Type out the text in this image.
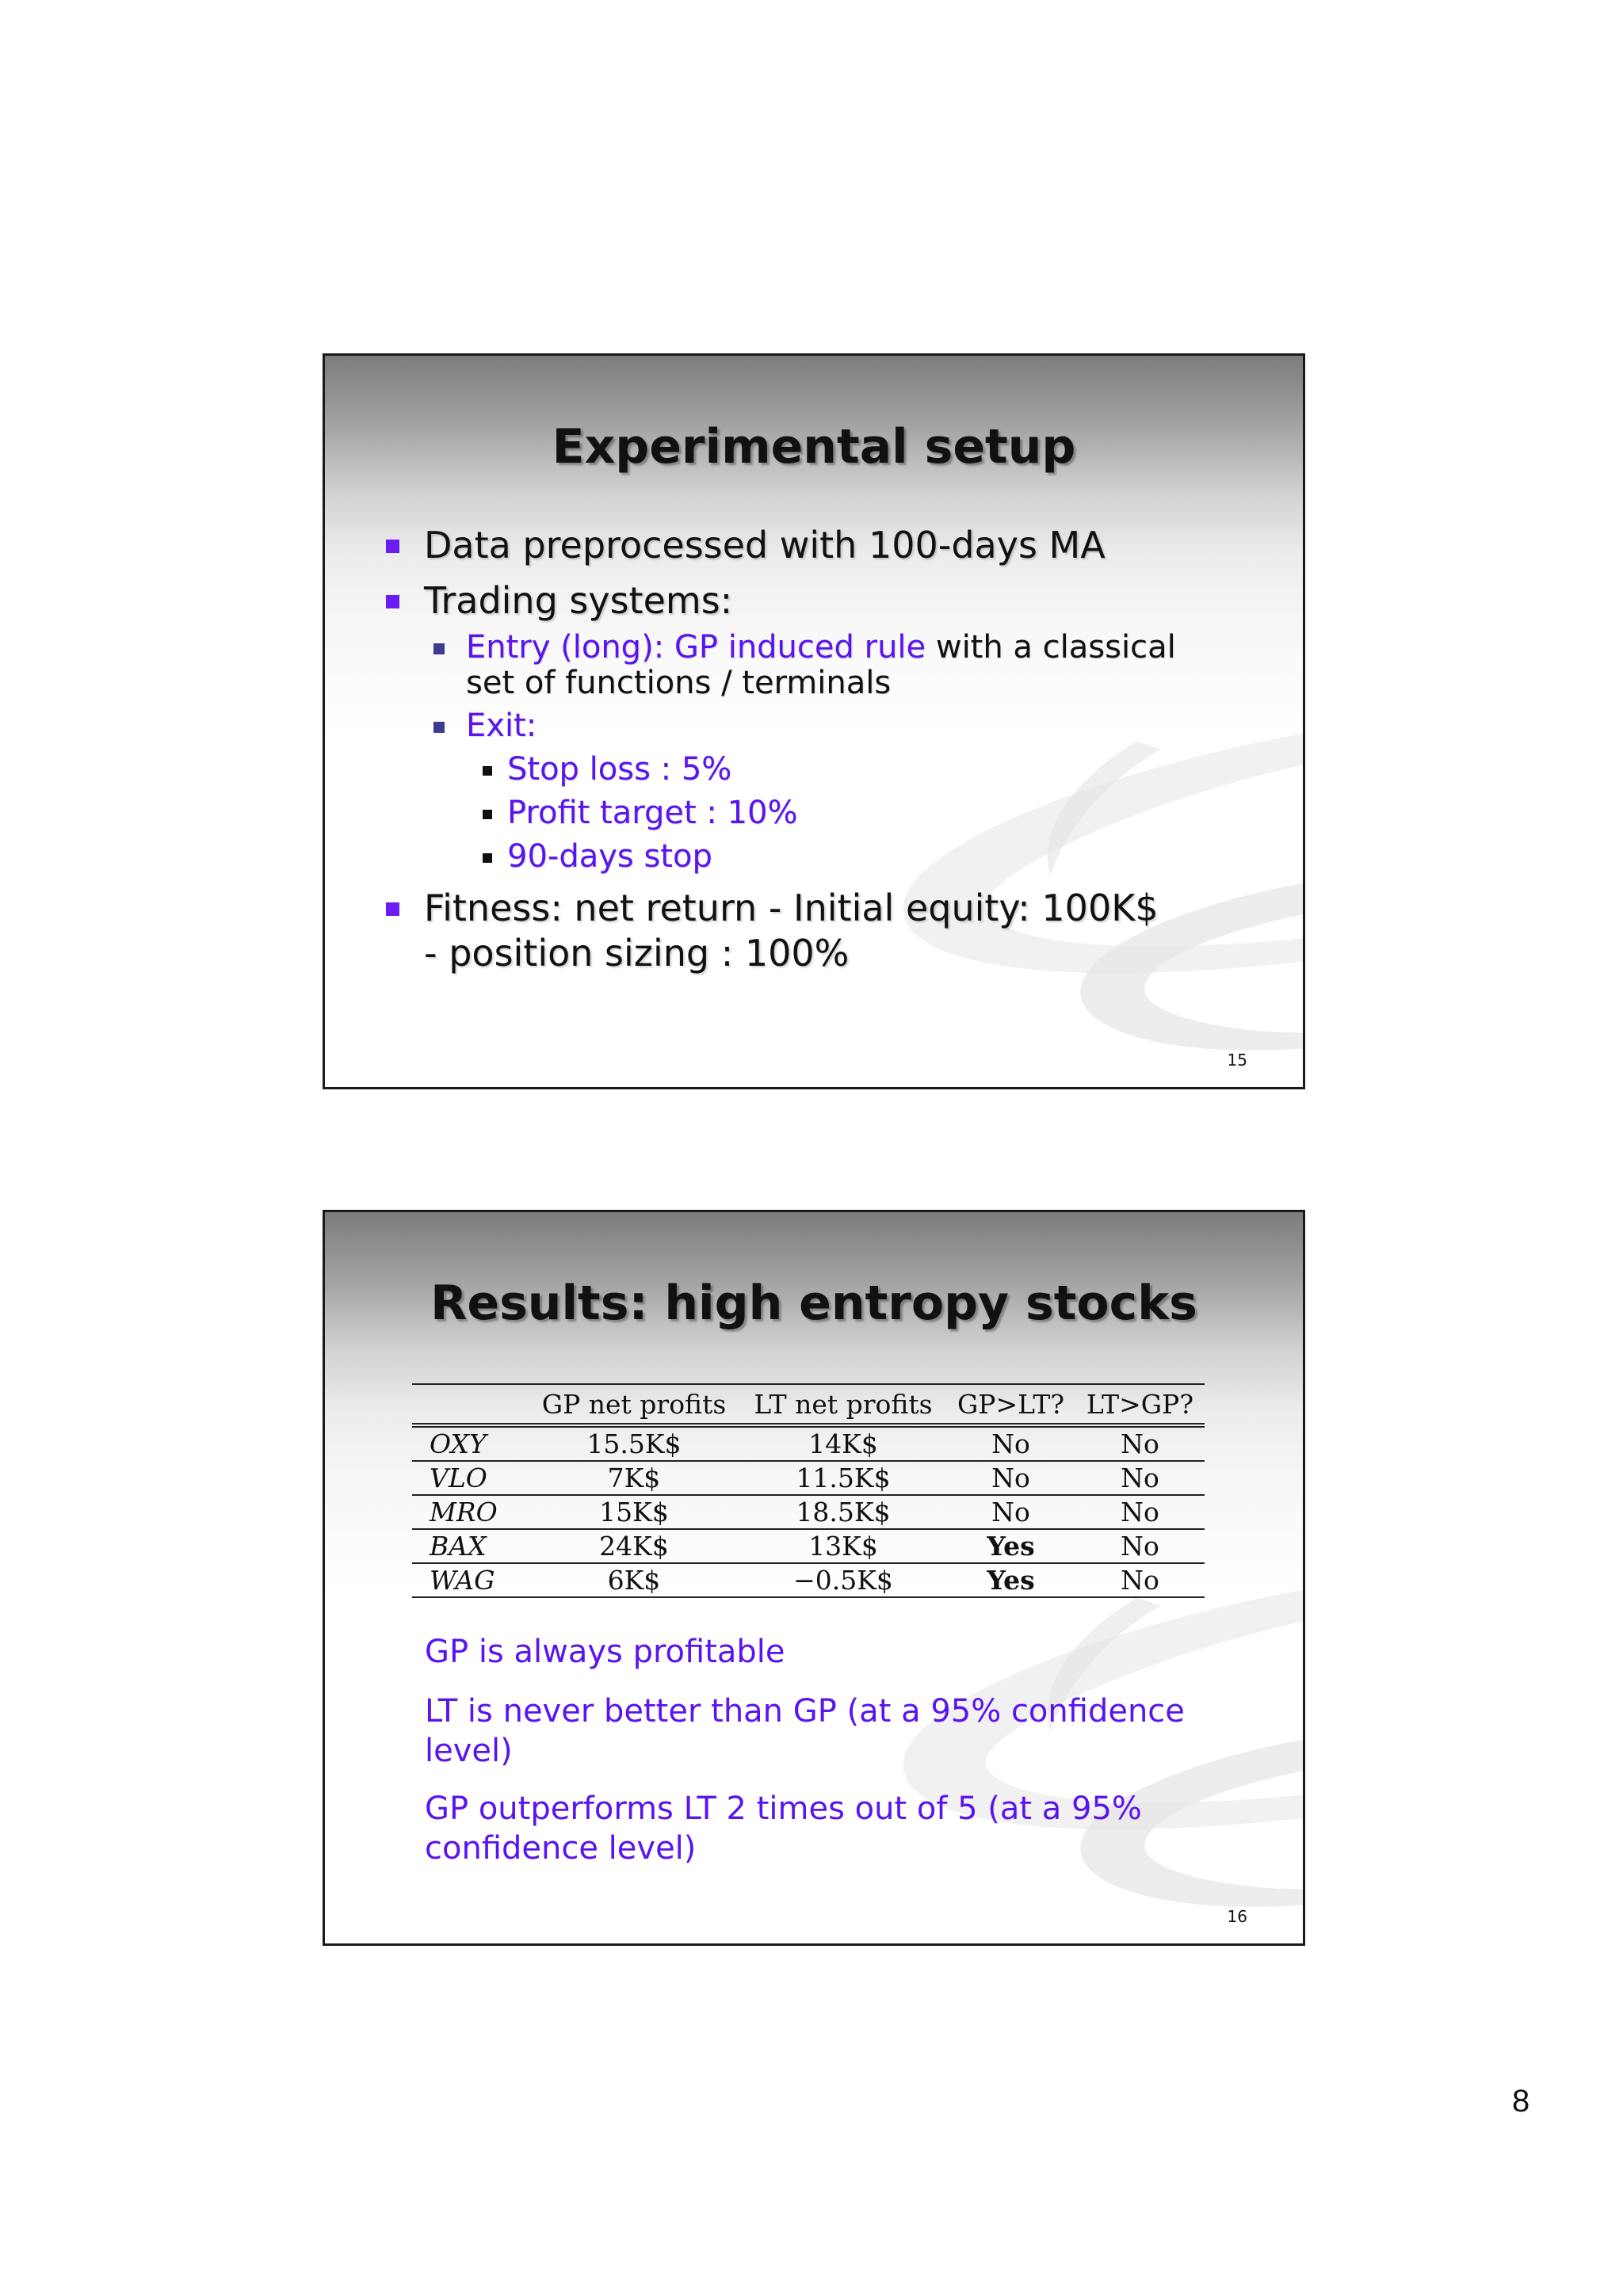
Experimental setup
Data preprocessed with 100-days MA
Trading systems:
Entry (long): GP induced rule with a classical
set of functions / terminals
Exit:
Stop loss : 5%
Profit target : 10%
90-days stop
Fitness: net return - Initial equity: 100K$
- position sizing : 100%
15
Results: high entropy stocks
	GP net profits	LT net profits	GP>LT?	LT>GP?
OXY	15.5K$	14K$	No	No
VLO	7K$	11.5K$	No	No
MRO	15K$	18.5K$	No	No
BAX	24K$	13K$	Yes	No
WAG	6K$	−0.5K$	Yes	No

GP is always profitable

LT is never better than GP (at a 95% confidence
level)

GP outperforms LT 2 times out of 5 (at a 95%
confidence level)

16
8
